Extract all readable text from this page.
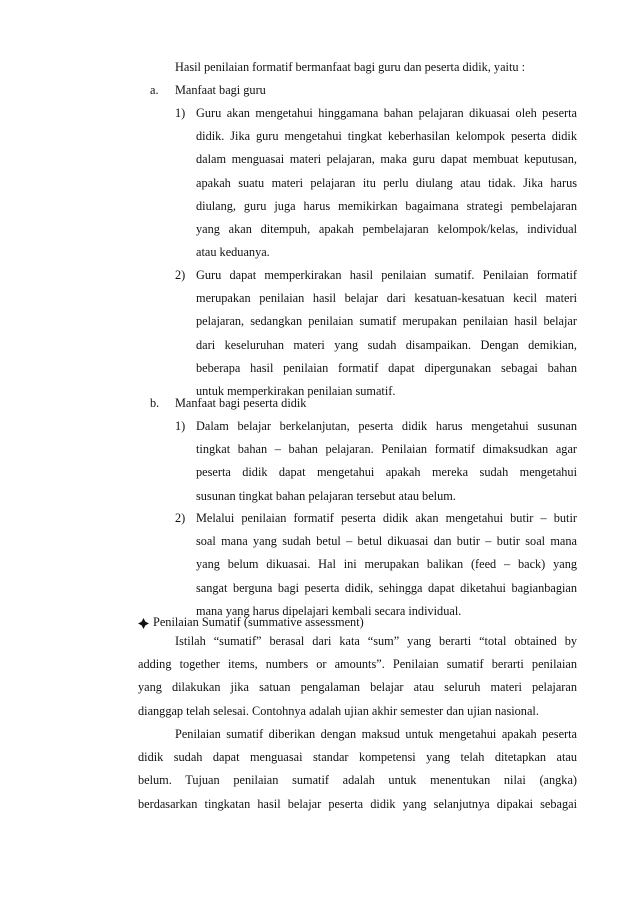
Hasil penilaian formatif bermanfaat bagi guru dan peserta didik, yaitu :

a. Manfaat bagi guru

1) Guru akan mengetahui hinggamana bahan pelajaran dikuasai oleh peserta
didik. Jika guru mengetahui tingkat keberhasilan kelompok peserta didik
dalam menguasai materi pelajaran, maka guru dapat membuat keputusan,
apakah suatu materi pelajaran itu perlu diulang atau tidak. Jika harus
diulang, guru juga harus memikirkan bagaimana strategi pembelajaran
yang akan ditempuh, apakah pembelajaran kelompok/kelas, individual
atau keduanya.
2) Guru dapat memperkirakan hasil penilaian sumatif. Penilaian formatif
merupakan penilaian hasil belajar dari kesatuan-kesatuan kecil materi
pelajaran, sedangkan penilaian sumatif merupakan penilaian hasil belajar
dari keseluruhan materi yang sudah disampaikan. Dengan demikian,
beberapa hasil penilaian formatif dapat dipergunakan sebagai bahan
untuk memperkirakan penilaian sumatif.
b. Manfaat bagi peserta didik

1) Dalam belajar berkelanjutan, peserta didik harus mengetahui susunan
tingkat bahan – bahan pelajaran. Penilaian formatif dimaksudkan agar
peserta didik dapat mengetahui apakah mereka sudah mengetahui
susunan tingkat bahan pelajaran tersebut atau belum.
2) Melalui penilaian formatif peserta didik akan mengetahui butir – butir
soal mana yang sudah betul – betul dikuasai dan butir – butir soal mana
yang belum dikuasai. Hal ini merupakan balikan (feed – back) yang
sangat berguna bagi peserta didik, sehingga dapat diketahui bagianbagian
mana yang harus dipelajari kembali secara individual.

Penilaian Sumatif (summative assessment)

Istilah “sumatif” berasal dari kata “sum” yang berarti “total obtained by
adding together items, numbers or amounts”. Penilaian sumatif berarti penilaian
yang dilakukan jika satuan pengalaman belajar atau seluruh materi pelajaran
dianggap telah selesai. Contohnya adalah ujian akhir semester dan ujian nasional.
Penilaian sumatif diberikan dengan maksud untuk mengetahui apakah peserta
didik sudah dapat menguasai standar kompetensi yang telah ditetapkan atau
belum. Tujuan penilaian sumatif adalah untuk menentukan nilai (angka)
berdasarkan tingkatan hasil belajar peserta didik yang selanjutnya dipakai sebagai
